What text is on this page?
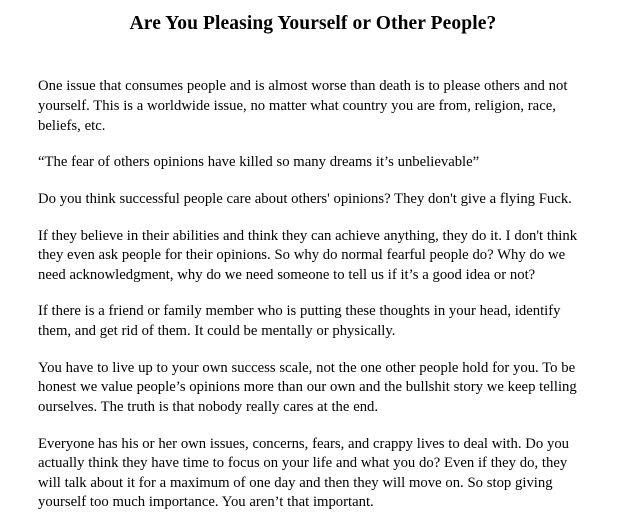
Are You Pleasing Yourself or Other People?

One issue that consumes people and is almost worse than death is to please others and not yourself. This is a worldwide issue, no matter what country you are from, religion, race, beliefs, etc.

“The fear of others opinions have killed so many dreams it’s unbelievable”

Do you think successful people care about others' opinions? They don't give a flying Fuck.

If they believe in their abilities and think they can achieve anything, they do it. I don't think they even ask people for their opinions. So why do normal fearful people do? Why do we need acknowledgment, why do we need someone to tell us if it’s a good idea or not?

If there is a friend or family member who is putting these thoughts in your head, identify them, and get rid of them. It could be mentally or physically.

You have to live up to your own success scale, not the one other people hold for you. To be honest we value people’s opinions more than our own and the bullshit story we keep telling ourselves. The truth is that nobody really cares at the end.

Everyone has his or her own issues, concerns, fears, and crappy lives to deal with. Do you actually think they have time to focus on your life and what you do? Even if they do, they will talk about it for a maximum of one day and then they will move on. So stop giving yourself too much importance. You aren’t that important.
